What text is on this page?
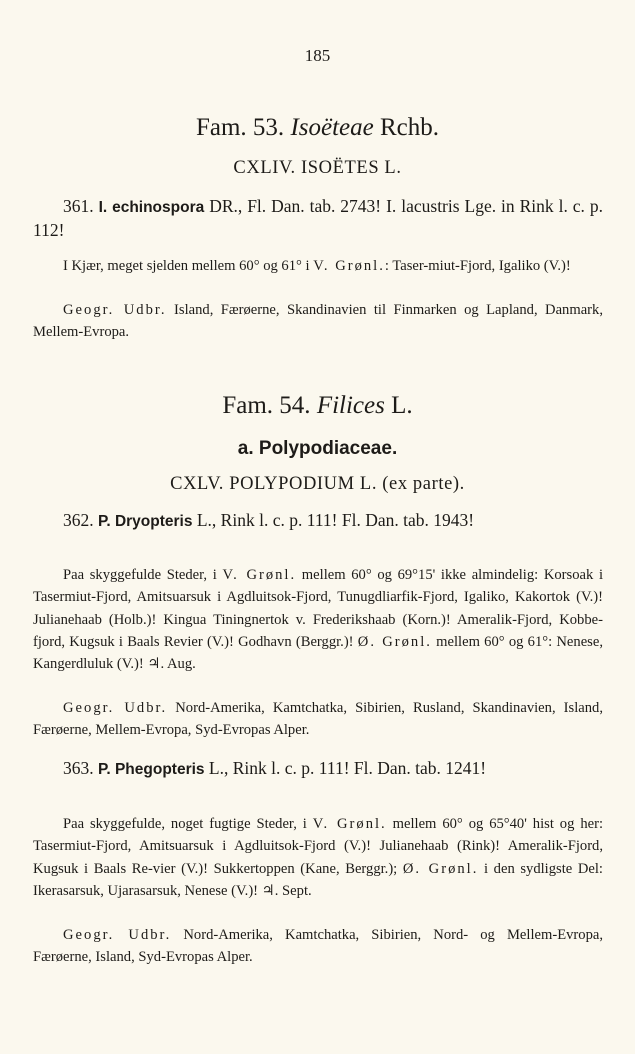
185
Fam. 53. Isoëteae Rchb.
CXLIV. ISOËTES L.

361. I. echinospora DR., Fl. Dan. tab. 2743! I. lacustris Lge. in Rink l. c. p. 112!

I Kjær, meget sjelden mellem 60° og 61° i V. Grønl.: Taser-miut-Fjord, Igaliko (V.)!

Geogr. Udbr. Island, Færøerne, Skandinavien til Finmarken og Lapland, Danmark, Mellem-Evropa.

Fam. 54. Filices L.
a. Polypodiaceae.
CXLV. POLYPODIUM L. (ex parte).

362. P. Dryopteris L., Rink l. c. p. 111! Fl. Dan. tab. 1943!

Paa skyggefulde Steder, i V. Grønl. mellem 60° og 69°15' ikke almindelig: Korsoak i Tasermiut-Fjord, Amitsuarsuk i Agdluitsok-Fjord, Tunugdliarfik-Fjord, Igaliko, Kakortok (V.)! Julianehaab (Holb.)! Kingua Tiningnertok v. Frederikshaab (Korn.)! Ameralik-Fjord, Kobbe-fjord, Kugsuk i Baals Revier (V.)! Godhavn (Berggr.)! Ø. Grønl. mellem 60° og 61°: Nenese, Kangerdluluk (V.)! ♃. Aug.

Geogr. Udbr. Nord-Amerika, Kamtchatka, Sibirien, Rusland, Skandinavien, Island, Færøerne, Mellem-Evropa, Syd-Evropas Alper.

363. P. Phegopteris L., Rink l. c. p. 111! Fl. Dan. tab. 1241!

Paa skyggefulde, noget fugtige Steder, i V. Grønl. mellem 60° og 65°40' hist og her: Tasermiut-Fjord, Amitsuarsuk i Agdluitsok-Fjord (V.)! Julianehaab (Rink)! Ameralik-Fjord, Kugsuk i Baals Re-vier (V.)! Sukkertoppen (Kane, Berggr.); Ø. Grønl. i den sydligste Del: Ikerasarsuk, Ujarasarsuk, Nenese (V.)! ♃. Sept.

Geogr. Udbr. Nord-Amerika, Kamtchatka, Sibirien, Nord- og Mellem-Evropa, Færøerne, Island, Syd-Evropas Alper.
